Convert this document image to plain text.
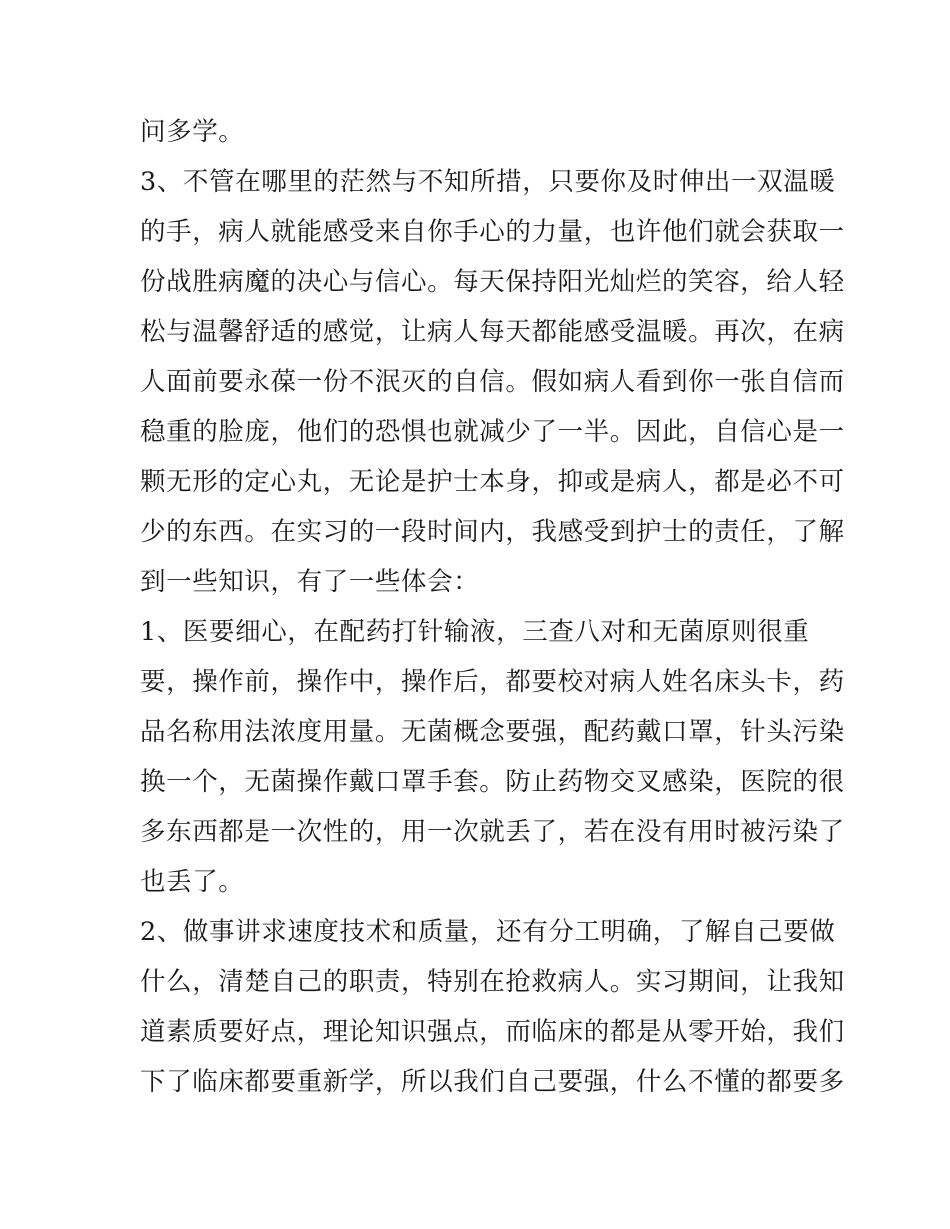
问多学。
3、不管在哪里的茫然与不知所措，只要你及时伸出一双温暖
的手，病人就能感受来自你手心的力量，也许他们就会获取一
份战胜病魔的决心与信心。每天保持阳光灿烂的笑容，给人轻
松与温馨舒适的感觉，让病人每天都能感受温暖。再次，在病
人面前要永葆一份不泯灭的自信。假如病人看到你一张自信而
稳重的脸庞，他们的恐惧也就减少了一半。因此，自信心是一
颗无形的定心丸，无论是护士本身，抑或是病人，都是必不可
少的东西。在实习的一段时间内，我感受到护士的责任，了解
到一些知识，有了一些体会：
1、医要细心，在配药打针输液，三查八对和无菌原则很重
要，操作前，操作中，操作后，都要校对病人姓名床头卡，药
品名称用法浓度用量。无菌概念要强，配药戴口罩，针头污染
换一个，无菌操作戴口罩手套。防止药物交叉感染，医院的很
多东西都是一次性的，用一次就丢了，若在没有用时被污染了
也丢了。
2、做事讲求速度技术和质量，还有分工明确，了解自己要做
什么，清楚自己的职责，特别在抢救病人。实习期间，让我知
道素质要好点，理论知识强点，而临床的都是从零开始，我们
下了临床都要重新学，所以我们自己要强，什么不懂的都要多
